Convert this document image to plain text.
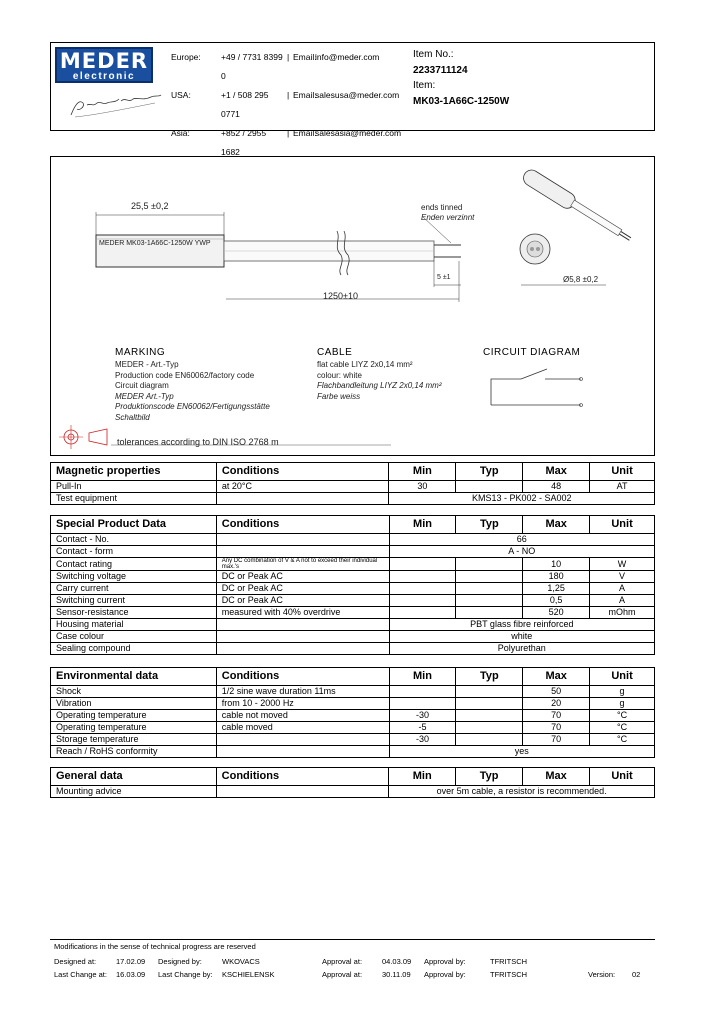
MEDER
electronic
Europe:	+49 / 7731 8399 0
| Email:
info@meder.com
USA:	+1 / 508 295 0771
| Email:
salesusa@meder.com
Asia:	+852 / 2955 1682
| Email:
salesasia@meder.com
Item No.:
2233711124
Item:
MK03-1A66C-1250W
25,5 ±0,2
MEDER MK03-1A66C-1250W YWP
ends tinned
Enden verzinnt
5 ±1
1250±10
Ø5,8 ±0,2
MARKING
MEDER - Art.-Typ
Production code EN60062/factory code
Circuit diagram
MEDER Art.-Typ
Produktionscode EN60062/Fertigungsstätte
Schaltbild
CABLE
flat cable LIYZ 2x0,14 mm²
colour: white
Flachbandleitung LIYZ 2x0,14 mm²
Farbe weiss
CIRCUIT DIAGRAM
tolerances according to DIN ISO 2768 m
Magnetic properties	Conditions	Min	Typ	Max	Unit
Pull-In	at 20°C	30		48	AT
Test equipment		KMS13 - PK002 - SA002			
Special Product Data	Conditions	Min	Typ	Max	Unit
Contact - No.		66			
Contact - form		A - NO			
Contact rating	Any DC combination of V & A not to exceed their individual max.'s			10	W
Switching voltage	DC or Peak AC			180	V
Carry current	DC or Peak AC			1,25	A
Switching current	DC or Peak AC			0,5	A
Sensor-resistance	measured with 40% overdrive			520	mOhm
Housing material		PBT glass fibre reinforced			
Case colour		white			
Sealing compound		Polyurethan			
Environmental data	Conditions	Min	Typ	Max	Unit
Shock	1/2 sine wave duration 11ms			50	g
Vibration	from 10 - 2000 Hz			20	g
Operating temperature	cable not moved	-30		70	°C
Operating temperature	cable moved	-5		70	°C
Storage temperature		-30		70	°C
Reach / RoHS conformity		yes			
General data	Conditions	Min	Typ	Max	Unit
Mounting advice		over 5m cable, a resistor is recommended.			
Modifications in the sense of technical progress are reserved
Designed at:	17.02.09 Designed by:	WKOVACS	Approval at:	04.03.09 Approval by:	TFRITSCH
Last Change at: 16.03.09 Last Change by: KSCHIELENSK	Approval at:	30.11.09 Approval by:	TFRITSCH	Version: 02
